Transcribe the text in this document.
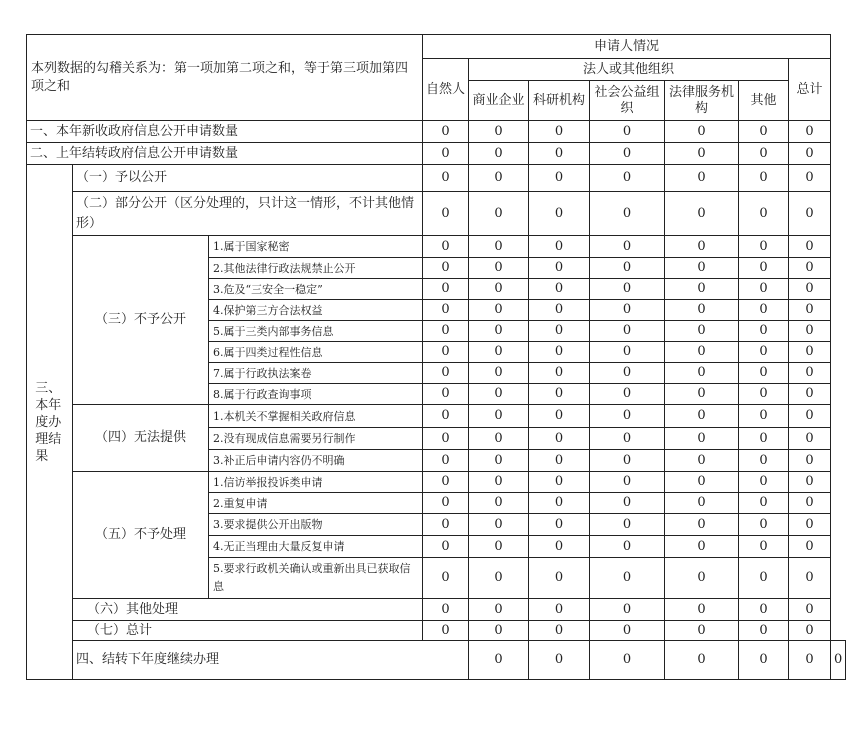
本列数据的勾稽关系为：第一项加第二项之和，等于第三项加第四项之和			申请人情况							
			自然人	法人或其他组织					总计	
				商业企业	科研机构	社会公益组织	法律服务机构	其他		
一、本年新收政府信息公开申请数量			0	0	0	0	0	0	0	
二、上年结转政府信息公开申请数量			0	0	0	0	0	0	0	

三、本年度办理结果	（一）予以公开		0	0	0	0	0	0	0	
	（二）部分公开（区分处理的，只计这一情形，不计其他情形）		0	0	0	0	0	0	0	
	（三）不予公开	1.属于国家秘密	0	0	0	0	0	0	0	
		2.其他法律行政法规禁止公开	0	0	0	0	0	0	0	
		3.危及“三安全一稳定”	0	0	0	0	0	0	0	
		4.保护第三方合法权益	0	0	0	0	0	0	0	
		5.属于三类内部事务信息	0	0	0	0	0	0	0	
		6.属于四类过程性信息	0	0	0	0	0	0	0	
		7.属于行政执法案卷	0	0	0	0	0	0	0	
		8.属于行政查询事项	0	0	0	0	0	0	0	
	（四）无法提供	1.本机关不掌握相关政府信息	0	0	0	0	0	0	0	
		2.没有现成信息需要另行制作	0	0	0	0	0	0	0	
		3.补正后申请内容仍不明确	0	0	0	0	0	0	0	
	（五）不予处理	1.信访举报投诉类申请	0	0	0	0	0	0	0	
		2.重复申请	0	0	0	0	0	0	0	
		3.要求提供公开出版物	0	0	0	0	0	0	0	
		4.无正当理由大量反复申请	0	0	0	0	0	0	0	
		5.要求行政机关确认或重新出具已获取信息	0	0	0	0	0	0	0	
	（六）其他处理		0	0	0	0	0	0	0	
	（七）总计		0	0	0	0	0	0	0	
	四、结转下年度继续办理			0	0	0	0	0	0	0
